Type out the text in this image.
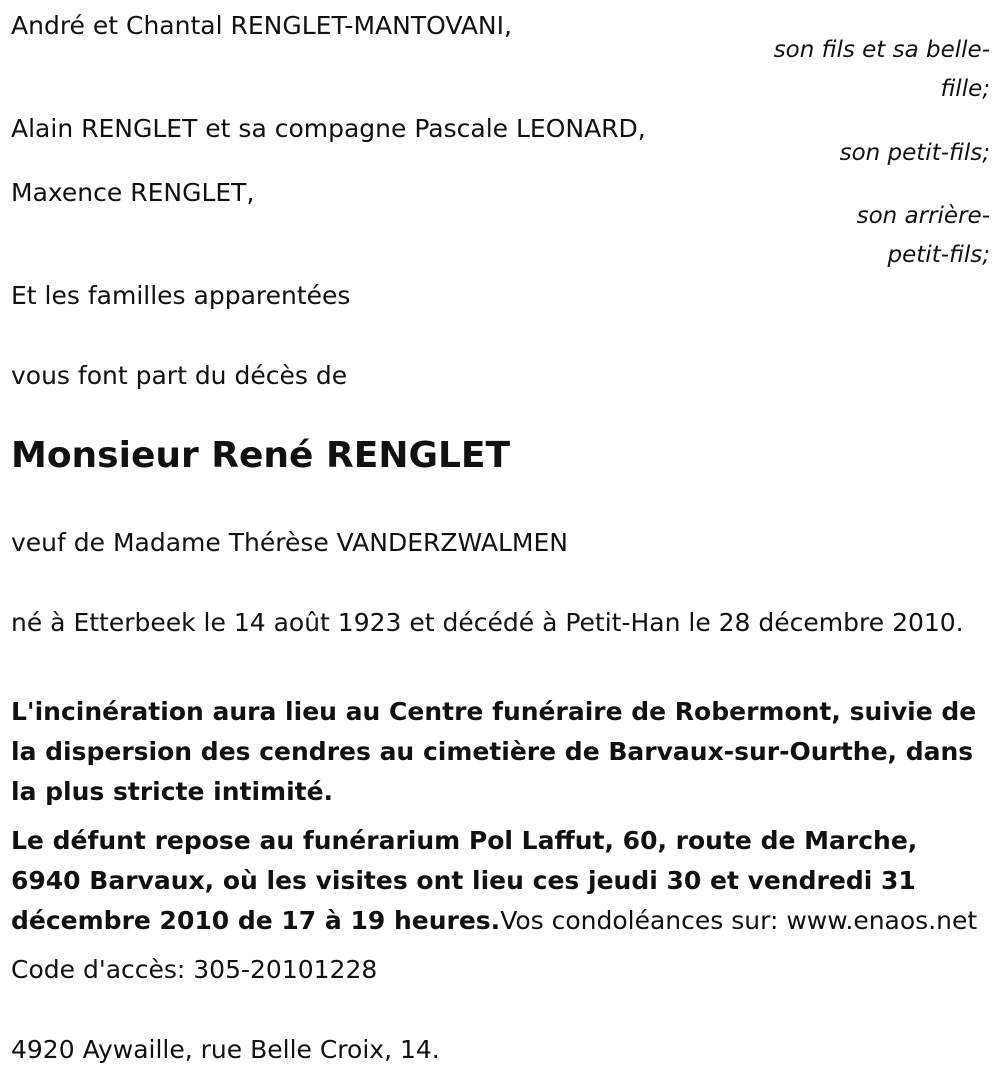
André et Chantal RENGLET-MANTOVANI,
son fils et sa belle-
fille;
Alain RENGLET et sa compagne Pascale LEONARD,
son petit-fils;
Maxence RENGLET,
son arrière-
petit-fils;
Et les familles apparentées
vous font part du décès de
Monsieur René RENGLET
veuf de Madame Thérèse VANDERZWALMEN
né à Etterbeek le 14 août 1923 et décédé à Petit-Han le 28 décembre 2010.
L'incinération aura lieu au Centre funéraire de Robermont, suivie de la dispersion des cendres au cimetière de Barvaux-sur-Ourthe, dans la plus stricte intimité.
Le défunt repose au funérarium Pol Laffut, 60, route de Marche, 6940 Barvaux, où les visites ont lieu ces jeudi 30 et vendredi 31 décembre 2010 de 17 à 19 heures.Vos condoléances sur: www.enaos.net
Code d'accès: 305-20101228
4920 Aywaille, rue Belle Croix, 14.
